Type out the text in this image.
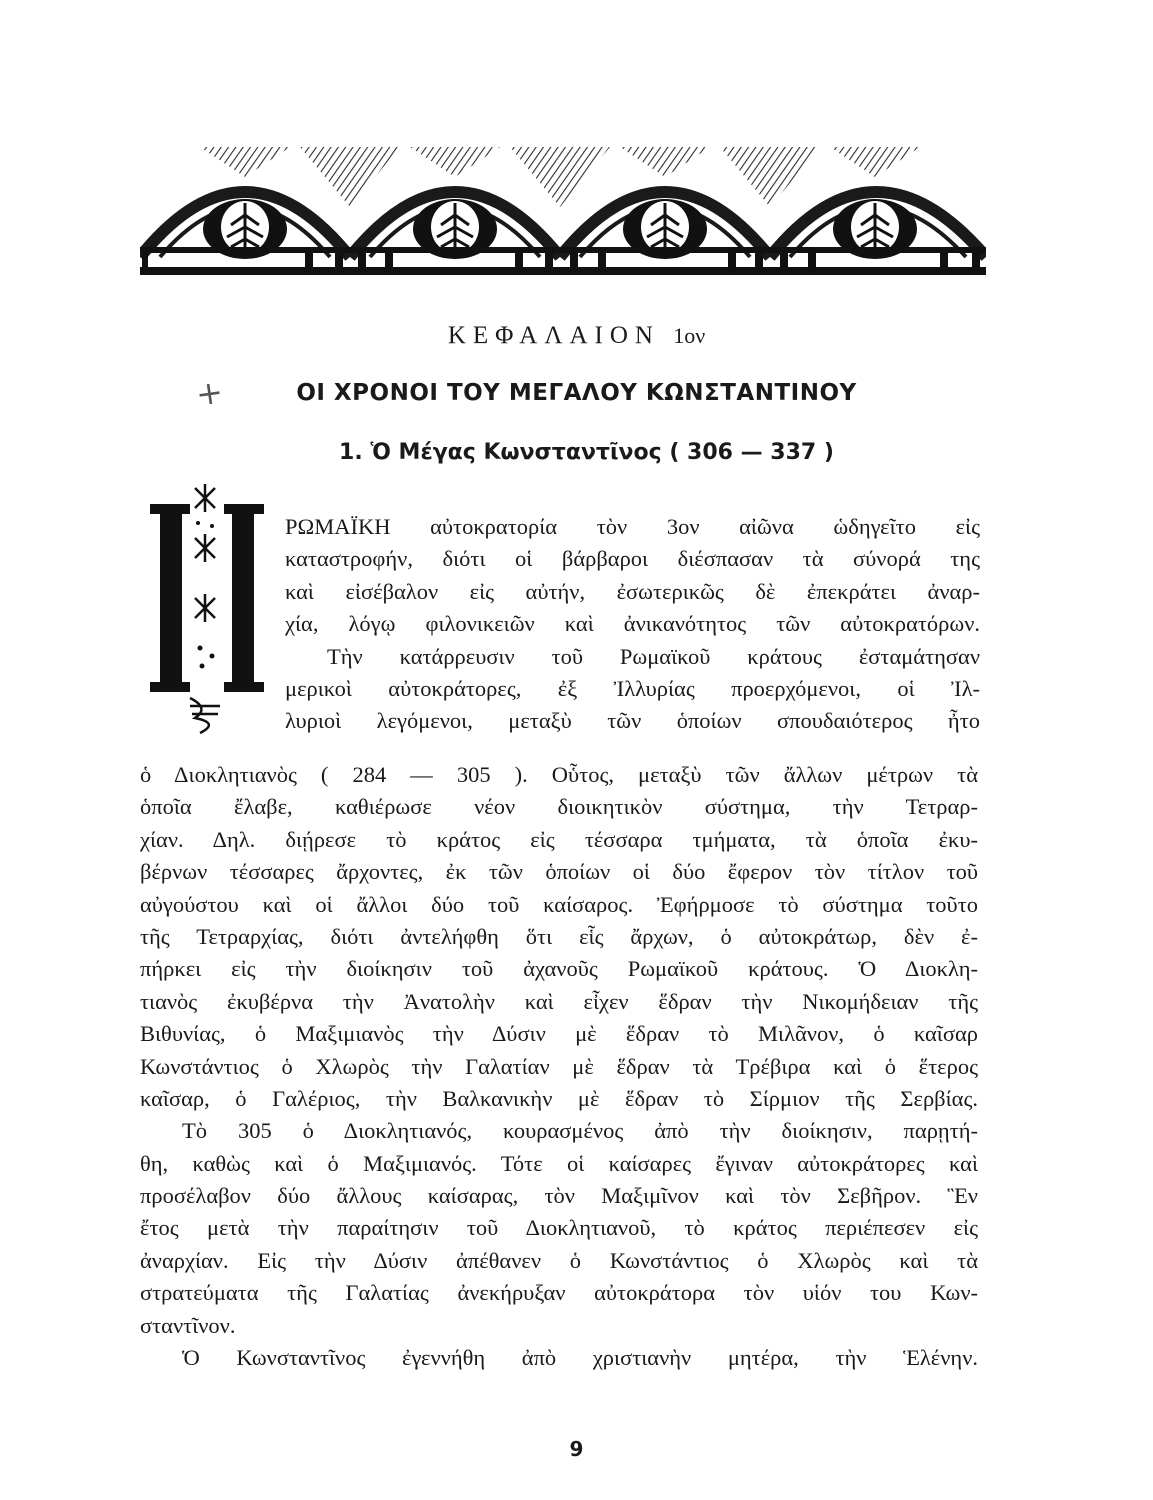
ΚΕΦΑΛΑΙΟΝ 1ον
+	ΟΙ ΧΡΟΝΟΙ ΤΟΥ ΜΕΓΑΛΟΥ ΚΩΝΣΤΑΝΤΙΝΟΥ
1. Ὁ Μέγας Κωνσταντῖνος ( 306 — 337 )
Η
ΡΩΜΑΪΚΗ αὐτοκρατορία τὸν 3ον αἰῶνα ὡδηγεῖτο εἰς
καταστροφήν, διότι οἱ βάρβαροι διέσπασαν τὰ σύνορά της
καὶ εἰσέβαλον εἰς αὐτήν, ἐσωτερικῶς δὲ ἐπεκράτει ἀναρ-
χία, λόγῳ φιλονικειῶν καὶ ἀνικανότητος τῶν αὐτοκρατόρων.
Τὴν κατάρρευσιν τοῦ Ρωμαϊκοῦ κράτους ἐσταμάτησαν
μερικοὶ αὐτοκράτορες, ἐξ Ἰλλυρίας προερχόμενοι, οἱ Ἰλ-
λυριοὶ λεγόμενοι, μεταξὺ τῶν ὁποίων σπουδαιότερος ἦτο
ὁ Διοκλητιανὸς ( 284 — 305 ). Οὗτος, μεταξὺ τῶν ἄλλων μέτρων τὰ
ὁποῖα ἔλαβε, καθιέρωσε νέον διοικητικὸν σύστημα, τὴν Τετραρ-
χίαν. Δηλ. διῄρεσε τὸ κράτος εἰς τέσσαρα τμήματα, τὰ ὁποῖα ἐκυ-
βέρνων τέσσαρες ἄρχοντες, ἐκ τῶν ὁποίων οἱ δύο ἔφερον τὸν τίτλον τοῦ
αὐγούστου καὶ οἱ ἄλλοι δύο τοῦ καίσαρος. Ἐφήρμοσε τὸ σύστημα τοῦτο
τῆς Τετραρχίας, διότι ἀντελήφθη ὅτι εἷς ἄρχων, ὁ αὐτοκράτωρ, δὲν ἐ-
πήρκει εἰς τὴν διοίκησιν τοῦ ἀχανοῦς Ρωμαϊκοῦ κράτους. Ὁ Διοκλη-
τιανὸς ἐκυβέρνα τὴν Ἀνατολὴν καὶ εἶχεν ἕδραν τὴν Νικομήδειαν τῆς
Βιθυνίας, ὁ Μαξιμιανὸς τὴν Δύσιν μὲ ἕδραν τὸ Μιλᾶνον, ὁ καῖσαρ
Κωνστάντιος ὁ Χλωρὸς τὴν Γαλατίαν μὲ ἕδραν τὰ Τρέβιρα καὶ ὁ ἕτερος
καῖσαρ, ὁ Γαλέριος, τὴν Βαλκανικὴν μὲ ἕδραν τὸ Σίρμιον τῆς Σερβίας.
Τὸ 305 ὁ Διοκλητιανός, κουρασμένος ἀπὸ τὴν διοίκησιν, παρῃτή-
θη, καθὼς καὶ ὁ Μαξιμιανός. Τότε οἱ καίσαρες ἔγιναν αὐτοκράτορες καὶ
προσέλαβον δύο ἄλλους καίσαρας, τὸν Μαξιμῖνον καὶ τὸν Σεβῆρον. Ἓν
ἔτος μετὰ τὴν παραίτησιν τοῦ Διοκλητιανοῦ, τὸ κράτος περιέπεσεν εἰς
ἀναρχίαν. Εἰς τὴν Δύσιν ἀπέθανεν ὁ Κωνστάντιος ὁ Χλωρὸς καὶ τὰ
στρατεύματα τῆς Γαλατίας ἀνεκήρυξαν αὐτοκράτορα τὸν υἱόν του Κων-
σταντῖνον.
Ὁ Κωνσταντῖνος ἐγεννήθη ἀπὸ χριστιανὴν μητέρα, τὴν Ἑλένην.
9
